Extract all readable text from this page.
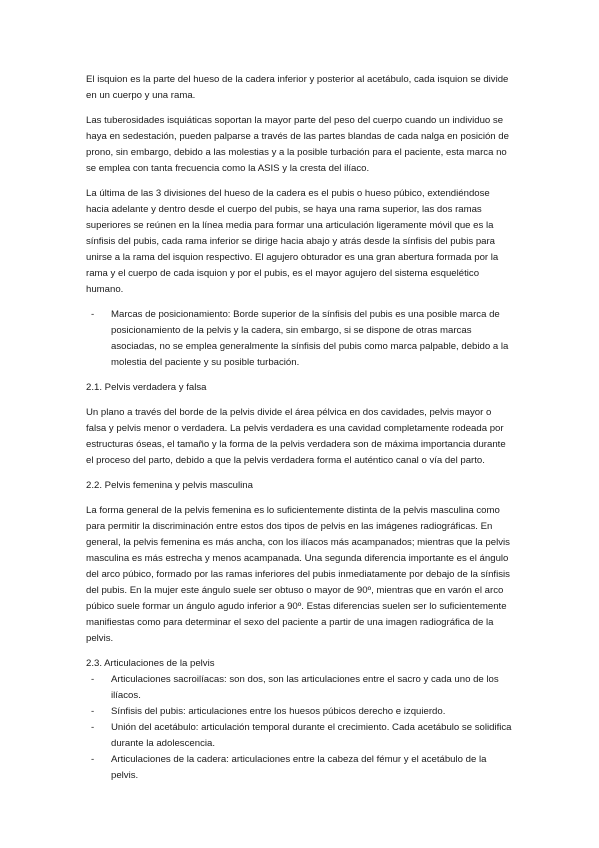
El isquion es la parte del hueso de la cadera inferior y posterior al acetábulo, cada isquion se divide en un cuerpo y una rama.

Las tuberosidades isquiáticas soportan la mayor parte del peso del cuerpo cuando un individuo se haya en sedestación, pueden palparse a través de las partes blandas de cada nalga en posición de prono, sin embargo, debido a las molestias y a la posible turbación para el paciente, esta marca no se emplea con tanta frecuencia como la ASIS y la cresta del ilíaco.

La última de las 3 divisiones del hueso de la cadera es el pubis o hueso púbico, extendiéndose hacia adelante y dentro desde el cuerpo del pubis, se haya una rama superior, las dos ramas superiores se reúnen en la línea media para formar una articulación ligeramente móvil que es la sínfisis del pubis, cada rama inferior se dirige hacia abajo y atrás desde la sínfisis del pubis para unirse a la rama del isquion respectivo. El agujero obturador es una gran abertura formada por la rama y el cuerpo de cada isquion y por el pubis, es el mayor agujero del sistema esquelético humano.

- Marcas de posicionamiento: Borde superior de la sínfisis del pubis es una posible marca de posicionamiento de la pelvis y la cadera, sin embargo, si se dispone de otras marcas asociadas, no se emplea generalmente la sínfisis del pubis como marca palpable, debido a la molestia del paciente y su posible turbación.
2.1. Pelvis verdadera y falsa

Un plano a través del borde de la pelvis divide el área pélvica en dos cavidades, pelvis mayor o falsa y pelvis menor o verdadera. La pelvis verdadera es una cavidad completamente rodeada por estructuras óseas, el tamaño y la forma de la pelvis verdadera son de máxima importancia durante el proceso del parto, debido a que la pelvis verdadera forma el auténtico canal o vía del parto.

2.2. Pelvis femenina y pelvis masculina

La forma general de la pelvis femenina es lo suficientemente distinta de la pelvis masculina como para permitir la discriminación entre estos dos tipos de pelvis en las imágenes radiográficas. En general, la pelvis femenina es más ancha, con los ilíacos más acampanados; mientras que la pelvis masculina es más estrecha y menos acampanada. Una segunda diferencia importante es el ángulo del arco púbico, formado por las ramas inferiores del pubis inmediatamente por debajo de la sínfisis del pubis. En la mujer este ángulo suele ser obtuso o mayor de 90º, mientras que en varón el arco púbico suele formar un ángulo agudo inferior a 90º. Estas diferencias suelen ser lo suficientemente manifiestas como para determinar el sexo del paciente a partir de una imagen radiográfica de la pelvis.

2.3. Articulaciones de la pelvis
- Articulaciones sacroilíacas: son dos, son las articulaciones entre el sacro y cada uno de los ilíacos.
- Sínfisis del pubis: articulaciones entre los huesos púbicos derecho e izquierdo.
- Unión del acetábulo: articulación temporal durante el crecimiento. Cada acetábulo se solidifica durante la adolescencia.
- Articulaciones de la cadera: articulaciones entre la cabeza del fémur y el acetábulo de la pelvis.
